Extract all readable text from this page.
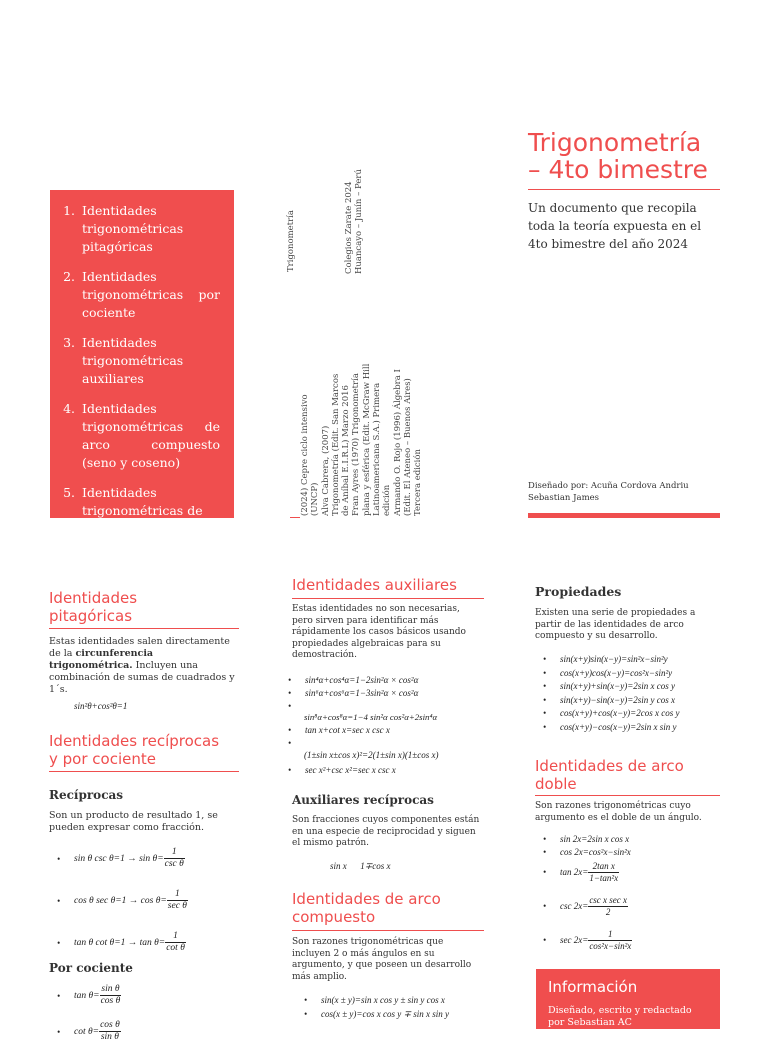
1. Identidades trigonométricas pitagóricas
2. Identidades trigonométricas por cociente
3. Identidades trigonométricas auxiliares
4. Identidades trigonométricas de arco compuesto (seno y coseno)
5. Identidades trigonométricas de
Trigonometría	Colegios Zarate 2024 Huancayo – Junín – Perú
(2024) Cepre ciclo intensivo (UNCP) Alva Cabrera, (2007) Trigonometría (Edit. San Marcos de Aníbal E.I.R.L) Marzo 2016 Fran Ayres (1970) Trigonometría plana y esférica (Edit. McGraw Hill Latinoamericana S.A.) Primera edición Armando O. Rojo (1996) Álgebra I (Edit. El Ateneo – Buenos Aires) Tercera edición
Trigonometría
– 4to bimestre
Un documento que recopila toda la teoría expuesta en el 4to bimestre del año 2024
Diseñado por: Acuña Cordova Andriu
Sebastian James
Identidades
pitagóricas
Estas identidades salen directamente de la circunferencia trigonométrica. Incluyen una combinación de sumas de cuadrados y 1´s.
sin²θ+cos²θ=1
Identidades recíprocas
y por cociente
Recíprocas
Son un producto de resultado 1, se pueden expresar como fracción.
• sin θ $\csc \theta=1 \to \sin \theta= \frac{1}{\text{csc θ}}$
• cos θ $\sec \theta=1 \to \cos \theta= \frac{1}{\text{sec θ}}$
• tan θ $\cot \theta=1 \to \tan \theta= \frac{1}{\text{cot θ}}$
Por cociente
• $\tan \theta= \frac{\text{sin θ}}{\text{cos θ}}$
• $\cot \theta= \frac{\text{cos θ}}{\text{sin θ}}$
Identidades auxiliares
Estas identidades no son necesarias, pero sirven para identificar más rápidamente los casos básicos usando propiedades algebraicas para su demostración.
• sin⁴α+cos⁴α=1−2sin²α × cos²α
• sin⁶α+cos⁶α=1−3sin²α × cos²α
sin⁸α+cos⁸α=1−4 sin²α cos²α+2sin⁴α
• tan x+cot x=sec x csc x
(1±sin x±cos x)²=2(1±sin x)(1±cos x)
• sec x²+csc x²=sec x csc x
Auxiliares recíprocas
Son fracciones cuyos componentes están en una especie de reciprocidad y siguen el mismo patrón.
sin x      1∓cos x
Identidades de arco
compuesto
Son razones trigonométricas que incluyen 2 o más ángulos en su argumento, y que poseen un desarrollo más amplio.
• sin(x ± y)=sin x cos y ± sin y cos x
• cos(x ± y)=cos x cos y ∓ sin x sin y
Propiedades
Existen una serie de propiedades a partir de las identidades de arco compuesto y su desarrollo.
• sin(x+y)sin(x−y)=sin²x−sin²y
• cos(x+y)cos(x−y)=cos²x−sin²y
• sin(x+y)+sin(x−y)=2sin x cos y
• sin(x+y)−sin(x−y)=2sin y cos x
• cos(x+y)+cos(x−y)=2cos x cos y
• cos(x+y)−cos(x−y)=2sin x sin y
Identidades de arco
doble
Son razones trigonométricas cuyo argumento es el doble de un ángulo.
• sin 2x=2sin x cos x
• cos 2x=cos²x−sin²x
• $\tan 2x= \frac{\text{2tan x}}{\text{1−tan²x}}$
• $\csc 2x= \frac{\text{csc x sec x}}{2}$
• $\sec 2x= \frac{1}{\text{cos²x−sin²x}}$
Información
Diseñado, escrito y redactado por Sebastian AC
